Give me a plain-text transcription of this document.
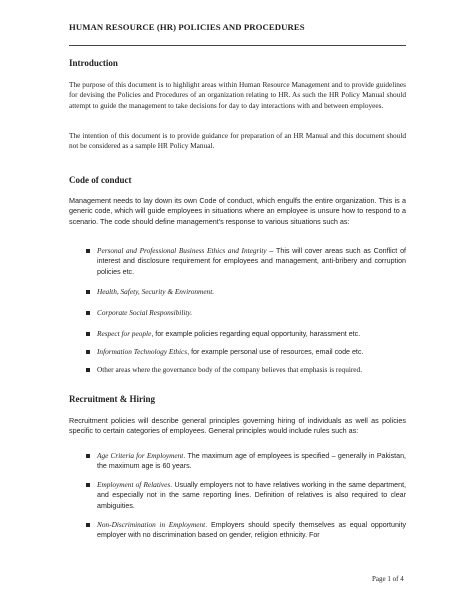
HUMAN RESOURCE (HR) POLICIES AND PROCEDURES
Introduction

The purpose of this document is to highlight areas within Human Resource Management and to provide guidelines for devising the Policies and Procedures of an organization relating to HR. As such the HR Policy Manual should attempt to guide the management to take decisions for day to day interactions with and between employees.

The intention of this document is to provide guidance for preparation of an HR Manual and this document should not be considered as a sample HR Policy Manual.

Code of conduct

Management needs to lay down its own Code of conduct, which engulfs the entire organization. This is a generic code, which will guide employees in situations where an employee is unsure how to respond to a scenario. The code should define management's response to various situations such as:

Personal and Professional Business Ethics and Integrity – This will cover areas such as Conflict of interest and disclosure requirement for employees and management, anti-bribery and corruption policies etc.
Health, Safety, Security & Environment.
Corporate Social Responsibility.
Respect for people, for example policies regarding equal opportunity, harassment etc.
Information Technology Ethics, for example personal use of resources, email code etc.
Other areas where the governance body of the company believes that emphasis is required.
Recruitment & Hiring

Recruitment policies will describe general principles governing hiring of individuals as well as policies specific to certain categories of employees. General principles would include rules such as:

Age Criteria for Employment. The maximum age of employees is specified – generally in Pakistan, the maximum age is 60 years.
Employment of Relatives. Usually employers not to have relatives working in the same department, and especially not in the same reporting lines. Definition of relatives is also required to clear ambiguities.
Non-Discrimination in Employment. Employers should specify themselves as equal opportunity employer with no discrimination based on gender, religion ethnicity. For
Page 1 of 4
